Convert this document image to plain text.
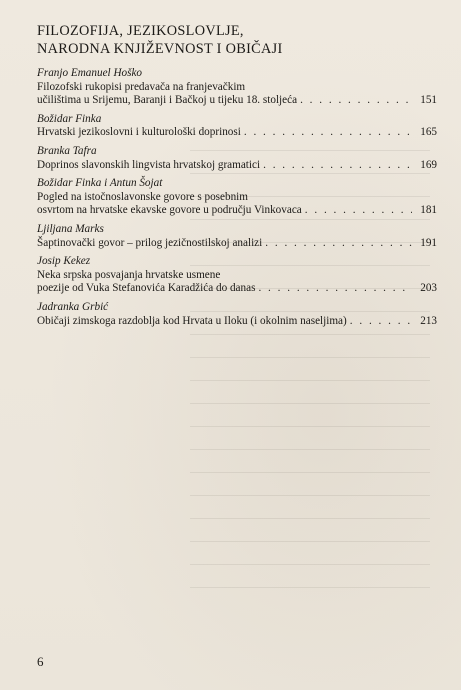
FILOZOFIJA, JEZIKOSLOVLJE,
NARODNA KNJIŽEVNOST I OBIČAJI
Franjo Emanuel Hoško
Filozofski rukopisi predavača na franjevačkim
učilištima u Srijemu, Baranji i Bačkoj u tijeku 18. stoljeća . . .	151
Božidar Finka
Hrvatski jezikoslovni i kulturološki doprinosi . . .	165
Branka Tafra
Doprinos slavonskih lingvista hrvatskoj gramatici . . .	169
Božidar Finka i Antun Šojat
Pogled na istočnoslavonske govore s posebnim
osvrtom na hrvatske ekavske govore u području Vinkovaca . . .	181
Ljiljana Marks
Šaptinovački govor – prilog jezičnostilskoj analizi . . .	191
Josip Kekez
Neka srpska posvajanja hrvatske usmene
poezije od Vuka Stefanovića Karadžića do danas . . .	203
Jadranka Grbić
Običaji zimskoga razdoblja kod Hrvata u Iloku (i okolnim naseljima) . . .	213
6
